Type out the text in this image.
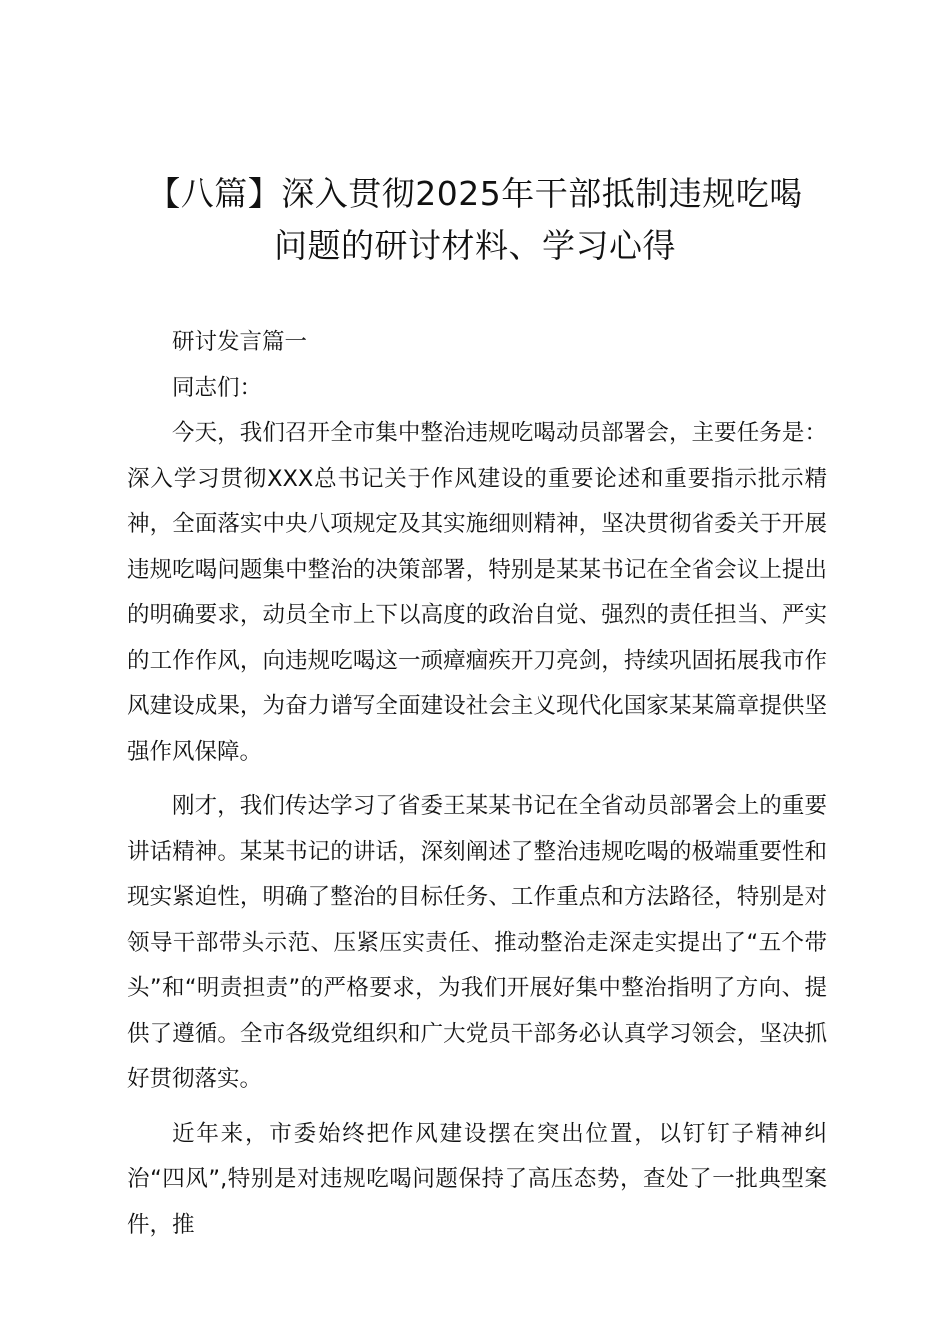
【八篇】深入贯彻2025年干部抵制违规吃喝
问题的研讨材料、学习心得

研讨发言篇一

同志们：

今天，我们召开全市集中整治违规吃喝动员部署会，主要任务是：深入学习贯彻XXX总书记关于作风建设的重要论述和重要指示批示精神，全面落实中央八项规定及其实施细则精神，坚决贯彻省委关于开展违规吃喝问题集中整治的决策部署，特别是某某书记在全省会议上提出的明确要求，动员全市上下以高度的政治自觉、强烈的责任担当、严实的工作作风，向违规吃喝这一顽瘴痼疾开刀亮剑，持续巩固拓展我市作风建设成果，为奋力谱写全面建设社会主义现代化国家某某篇章提供坚强作风保障。

刚才，我们传达学习了省委王某某书记在全省动员部署会上的重要讲话精神。某某书记的讲话，深刻阐述了整治违规吃喝的极端重要性和现实紧迫性，明确了整治的目标任务、工作重点和方法路径，特别是对领导干部带头示范、压紧压实责任、推动整治走深走实提出了“五个带头”和“明责担责”的严格要求，为我们开展好集中整治指明了方向、提供了遵循。全市各级党组织和广大党员干部务必认真学习领会，坚决抓好贯彻落实。

近年来，市委始终把作风建设摆在突出位置，以钉钉子精神纠治“四风”,特别是对违规吃喝问题保持了高压态势，查处了一批典型案件，推
